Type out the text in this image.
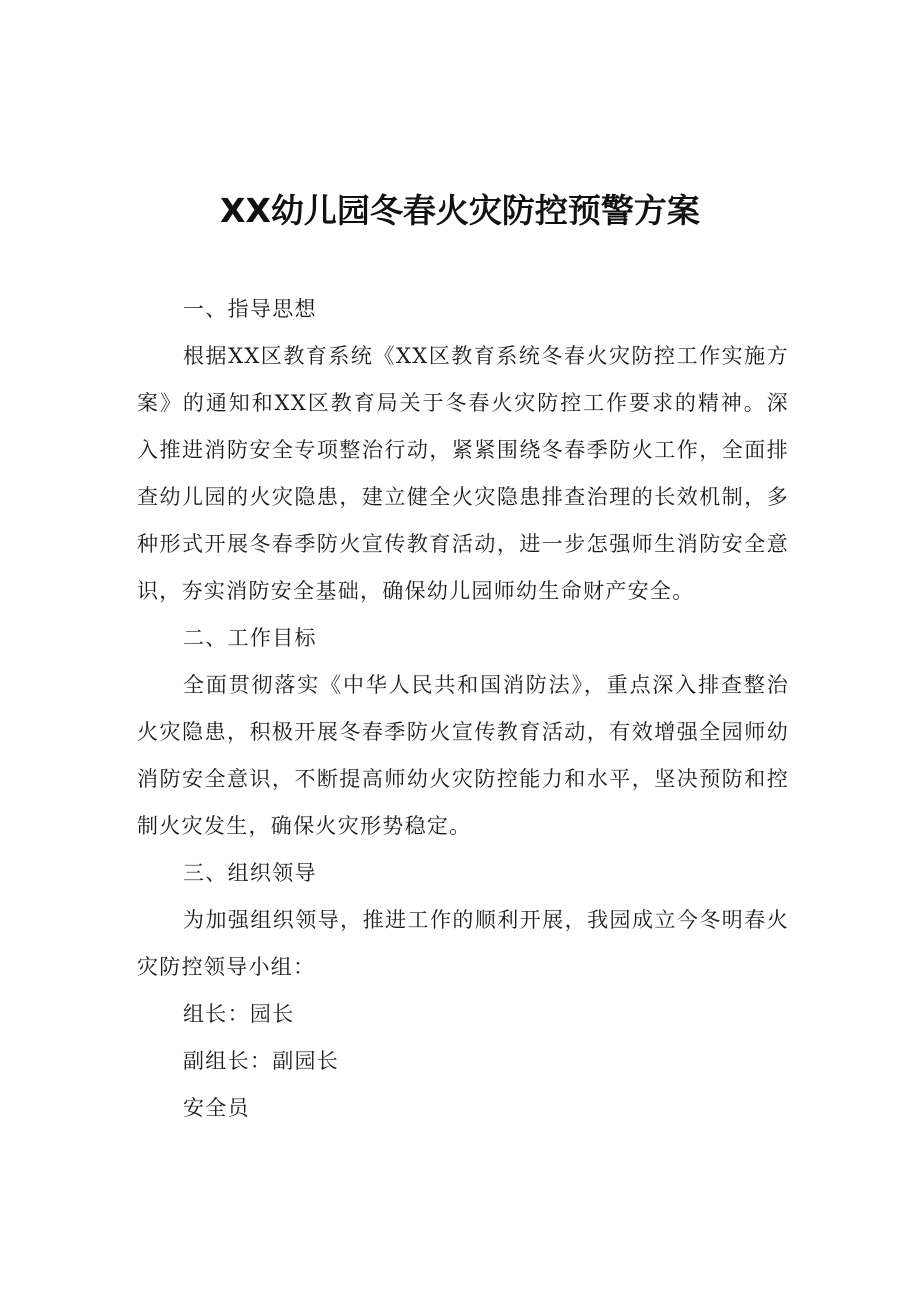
XX幼儿园冬春火灾防控预警方案

一、指导思想

根据XX区教育系统《XX区教育系统冬春火灾防控工作实施方案》的通知和XX区教育局关于冬春火灾防控工作要求的精神。深入推进消防安全专项整治行动，紧紧围绕冬春季防火工作，全面排查幼儿园的火灾隐患，建立健全火灾隐患排查治理的长效机制，多种形式开展冬春季防火宣传教育活动，进一步怎强师生消防安全意识，夯实消防安全基础，确保幼儿园师幼生命财产安全。

二、工作目标

全面贯彻落实《中华人民共和国消防法》，重点深入排查整治火灾隐患，积极开展冬春季防火宣传教育活动，有效增强全园师幼消防安全意识，不断提高师幼火灾防控能力和水平，坚决预防和控制火灾发生，确保火灾形势稳定。

三、组织领导

为加强组织领导，推进工作的顺利开展，我园成立今冬明春火灾防控领导小组：

组长：园长

副组长：副园长

安全员
